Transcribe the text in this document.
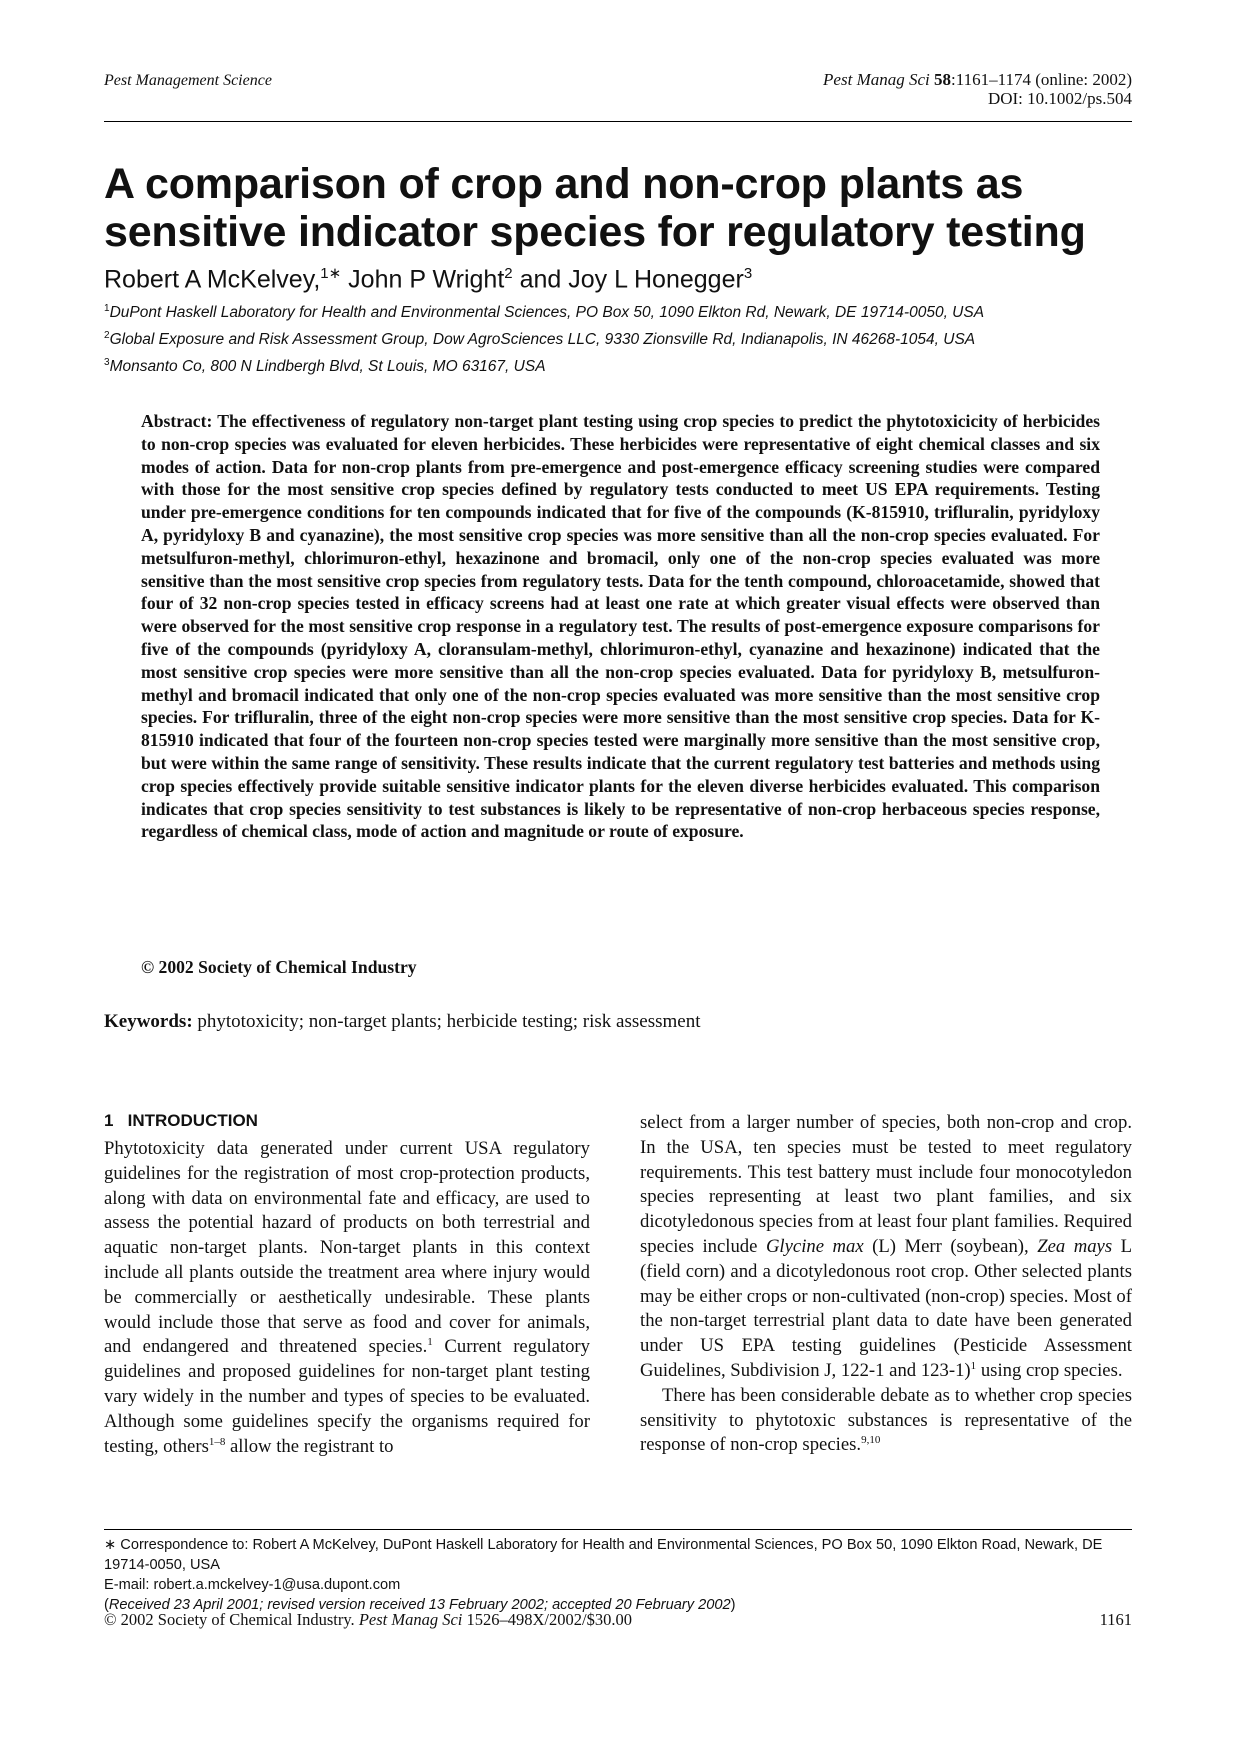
Pest Management Science	Pest Manag Sci 58:1161–1174 (online: 2002)
DOI: 10.1002/ps.504
A comparison of crop and non-crop plants as sensitive indicator species for regulatory testing
Robert A McKelvey,$^{1∗}$ John P Wright$^2$ and Joy L Honegger$^3$
$^1$DuPont Haskell Laboratory for Health and Environmental Sciences, PO Box 50, 1090 Elkton Rd, Newark, DE 19714-0050, USA
$^2$Global Exposure and Risk Assessment Group, Dow AgroSciences LLC, 9330 Zionsville Rd, Indianapolis, IN 46268-1054, USA
$^3$Monsanto Co, 800 N Lindbergh Blvd, St Louis, MO 63167, USA

Abstract: The effectiveness of regulatory non-target plant testing using crop species to predict the phytotoxicicity of herbicides to non-crop species was evaluated for eleven herbicides. These herbicides were representative of eight chemical classes and six modes of action. Data for non-crop plants from pre-emergence and post-emergence efficacy screening studies were compared with those for the most sensitive crop species defined by regulatory tests conducted to meet US EPA requirements. Testing under pre-emergence conditions for ten compounds indicated that for five of the compounds (K-815910, trifluralin, pyridyloxy A, pyridyloxy B and cyanazine), the most sensitive crop species was more sensitive than all the non-crop species evaluated. For metsulfuron-methyl, chlorimuron-ethyl, hexazinone and bromacil, only one of the non-crop species evaluated was more sensitive than the most sensitive crop species from regulatory tests. Data for the tenth compound, chloroacetamide, showed that four of 32 non-crop species tested in efficacy screens had at least one rate at which greater visual effects were observed than were observed for the most sensitive crop response in a regulatory test. The results of post-emergence exposure comparisons for five of the compounds (pyridyloxy A, cloransulam-methyl, chlorimuron-ethyl, cyanazine and hexazinone) indicated that the most sensitive crop species were more sensitive than all the non-crop species evaluated. Data for pyridyloxy B, metsulfuron-methyl and bromacil indicated that only one of the non-crop species evaluated was more sensitive than the most sensitive crop species. For trifluralin, three of the eight non-crop species were more sensitive than the most sensitive crop species. Data for K-815910 indicated that four of the fourteen non-crop species tested were marginally more sensitive than the most sensitive crop, but were within the same range of sensitivity. These results indicate that the current regulatory test batteries and methods using crop species effectively provide suitable sensitive indicator plants for the eleven diverse herbicides evaluated. This comparison indicates that crop species sensitivity to test substances is likely to be representative of non-crop herbaceous species response, regardless of chemical class, mode of action and magnitude or route of exposure.

© 2002 Society of Chemical Industry
Keywords: phytotoxicity; non-target plants; herbicide testing; risk assessment
1 INTRODUCTION

Phytotoxicity data generated under current USA regulatory guidelines for the registration of most crop-protection products, along with data on environmental fate and efficacy, are used to assess the potential hazard of products on both terrestrial and aquatic non-target plants. Non-target plants in this context include all plants outside the treatment area where injury would be commercially or aesthetically undesirable. These plants would include those that serve as food and cover for animals, and endangered and threatened species.$^1$ Current regulatory guidelines and proposed guidelines for non-target plant testing vary widely in the number and types of species to be evaluated. Although some guidelines specify the organisms required for testing, others$^{1-8}$ allow the registrant to

select from a larger number of species, both non-crop and crop. In the USA, ten species must be tested to meet regulatory requirements. This test battery must include four monocotyledon species representing at least two plant families, and six dicotyledonous species from at least four plant families. Required species include Glycine max (L) Merr (soybean), Zea mays L (field corn) and a dicotyledonous root crop. Other selected plants may be either crops or non-cultivated (non-crop) species. Most of the non-target terrestrial plant data to date have been generated under US EPA testing guidelines (Pesticide Assessment Guidelines, Subdivision J, 122-1 and 123-1)$^1$ using crop species.

There has been considerable debate as to whether crop species sensitivity to phytotoxic substances is representative of the response of non-crop species.$^{9,10}$

∗ Correspondence to: Robert A McKelvey, DuPont Haskell Laboratory for Health and Environmental Sciences, PO Box 50, 1090 Elkton Road, Newark, DE 19714-0050, USA
E-mail: robert.a.mckelvey-1@usa.dupont.com
(Received 23 April 2001; revised version received 13 February 2002; accepted 20 February 2002)
© 2002 Society of Chemical Industry. Pest Manag Sci 1526–498X/2002/$30.00	1161
